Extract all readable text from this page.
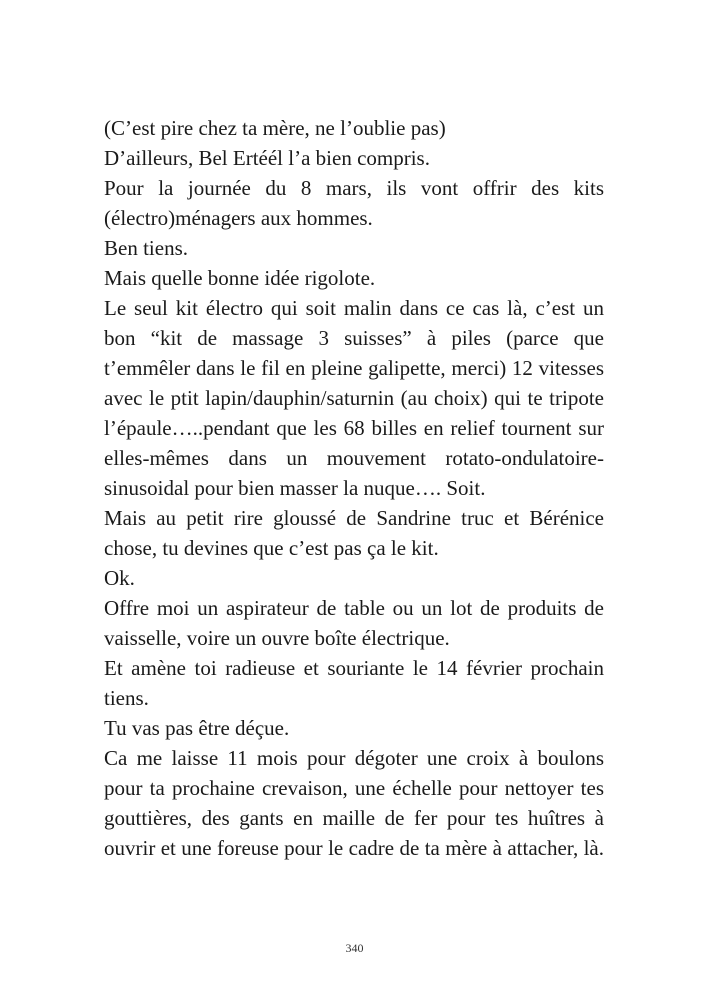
(C’est pire chez ta mère, ne l’oublie pas)

D’ailleurs, Bel Ertéél l’a bien compris.

Pour la journée du 8 mars, ils vont offrir des kits (électro)ménagers aux hommes.

Ben tiens.

Mais quelle bonne idée rigolote.

Le seul kit électro qui soit malin dans ce cas là, c’est un bon “kit de massage 3 suisses” à piles (parce que t’emmêler dans le fil en pleine galipette, merci) 12 vitesses avec le ptit lapin/dauphin/saturnin (au choix) qui te tripote l’épaule…..pendant que les 68 billes en relief tournent sur elles-mêmes dans un mouvement rotato-ondulatoire-sinusoidal pour bien masser la nuque…. Soit.

Mais au petit rire gloussé de Sandrine truc et Bérénice chose, tu devines que c’est pas ça le kit.

Ok.

Offre moi un aspirateur de table ou un lot de produits de vaisselle, voire un ouvre boîte électrique.

Et amène toi radieuse et souriante le 14 février prochain tiens.

Tu vas pas être déçue.

Ca me laisse 11 mois pour dégoter une croix à boulons pour ta prochaine crevaison, une échelle pour nettoyer tes gouttières, des gants en maille de fer pour tes huîtres à ouvrir et une foreuse pour le cadre de ta mère à attacher, là.

340
